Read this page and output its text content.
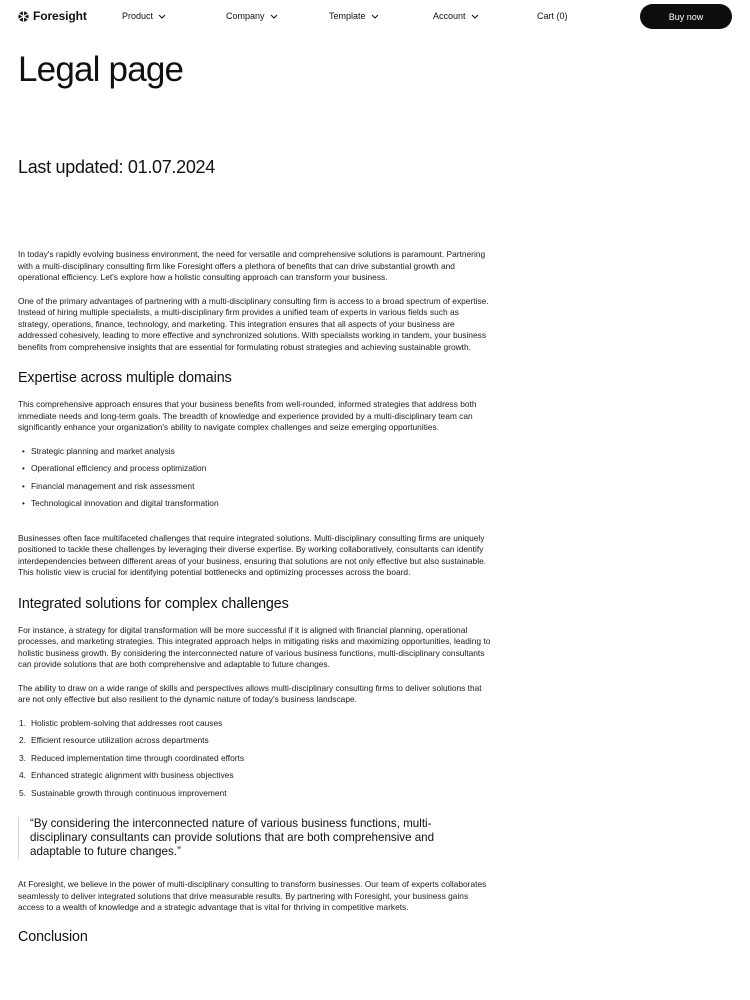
Foresight	Product	Company	Template	Account	Cart (0)	Buy now
Legal page
Last updated: 01.07.2024

In today's rapidly evolving business environment, the need for versatile and comprehensive solutions is paramount. Partnering with a multi-disciplinary consulting firm like Foresight offers a plethora of benefits that can drive substantial growth and operational efficiency. Let's explore how a holistic consulting approach can transform your business.

One of the primary advantages of partnering with a multi-disciplinary consulting firm is access to a broad spectrum of expertise. Instead of hiring multiple specialists, a multi-disciplinary firm provides a unified team of experts in various fields such as strategy, operations, finance, technology, and marketing. This integration ensures that all aspects of your business are addressed cohesively, leading to more effective and synchronized solutions. With specialists working in tandem, your business benefits from comprehensive insights that are essential for formulating robust strategies and achieving sustainable growth.

Expertise across multiple domains

This comprehensive approach ensures that your business benefits from well-rounded, informed strategies that address both immediate needs and long-term goals. The breadth of knowledge and experience provided by a multi-disciplinary team can significantly enhance your organization's ability to navigate complex challenges and seize emerging opportunities.

• Strategic planning and market analysis
• Operational efficiency and process optimization
• Financial management and risk assessment
• Technological innovation and digital transformation

Businesses often face multifaceted challenges that require integrated solutions. Multi-disciplinary consulting firms are uniquely positioned to tackle these challenges by leveraging their diverse expertise. By working collaboratively, consultants can identify interdependencies between different areas of your business, ensuring that solutions are not only effective but also sustainable. This holistic view is crucial for identifying potential bottlenecks and optimizing processes across the board.

Integrated solutions for complex challenges

For instance, a strategy for digital transformation will be more successful if it is aligned with financial planning, operational processes, and marketing strategies. This integrated approach helps in mitigating risks and maximizing opportunities, leading to holistic business growth. By considering the interconnected nature of various business functions, multi-disciplinary consultants can provide solutions that are both comprehensive and adaptable to future changes.

The ability to draw on a wide range of skills and perspectives allows multi-disciplinary consulting firms to deliver solutions that are not only effective but also resilient to the dynamic nature of today's business landscape.

1. Holistic problem-solving that addresses root causes
2. Efficient resource utilization across departments
3. Reduced implementation time through coordinated efforts
4. Enhanced strategic alignment with business objectives
5. Sustainable growth through continuous improvement
“By considering the interconnected nature of various business functions, multi-disciplinary consultants can provide solutions that are both comprehensive and adaptable to future changes.”

At Foresight, we believe in the power of multi-disciplinary consulting to transform businesses. Our team of experts collaborates seamlessly to deliver integrated solutions that drive measurable results. By partnering with Foresight, your business gains access to a wealth of knowledge and a strategic advantage that is vital for thriving in competitive markets.

Conclusion
